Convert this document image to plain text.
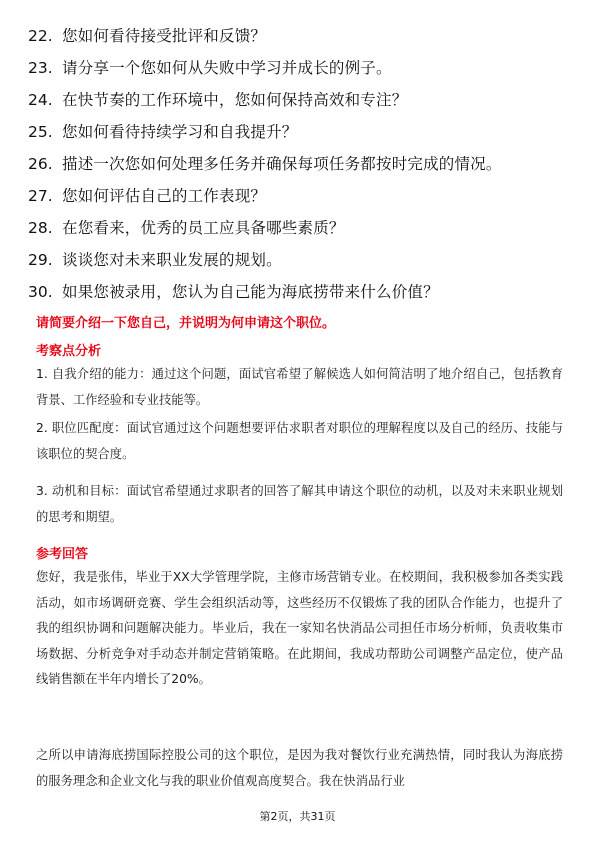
22. 您如何看待接受批评和反馈？
23. 请分享一个您如何从失败中学习并成长的例子。
24. 在快节奏的工作环境中，您如何保持高效和专注？
25. 您如何看待持续学习和自我提升？
26. 描述一次您如何处理多任务并确保每项任务都按时完成的情况。
27. 您如何评估自己的工作表现？
28. 在您看来，优秀的员工应具备哪些素质？
29. 谈谈您对未来职业发展的规划。
30. 如果您被录用，您认为自己能为海底捞带来什么价值？
请简要介绍一下您自己，并说明为何申请这个职位。
考察点分析
1. 自我介绍的能力：通过这个问题，面试官希望了解候选人如何简洁明了地介绍自己，包括教育背景、工作经验和专业技能等。
2. 职位匹配度：面试官通过这个问题想要评估求职者对职位的理解程度以及自己的经历、技能与该职位的契合度。
3. 动机和目标：面试官希望通过求职者的回答了解其申请这个职位的动机，以及对未来职业规划的思考和期望。
参考回答
您好，我是张伟，毕业于XX大学管理学院，主修市场营销专业。在校期间，我积极参加各类实践活动，如市场调研竞赛、学生会组织活动等，这些经历不仅锻炼了我的团队合作能力，也提升了我的组织协调和问题解决能力。毕业后，我在一家知名快消品公司担任市场分析师，负责收集市场数据、分析竞争对手动态并制定营销策略。在此期间，我成功帮助公司调整产品定位，使产品线销售额在半年内增长了20%。
之所以申请海底捞国际控股公司的这个职位，是因为我对餐饮行业充满热情，同时我认为海底捞的服务理念和企业文化与我的职业价值观高度契合。我在快消品行业
第2页，共31页
